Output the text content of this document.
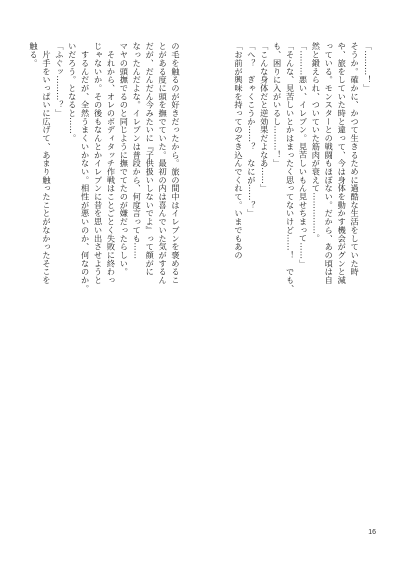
「………！」
そうか。確かに、かつて生きるために過酷な生活をしていた時
や、旅をしていた時と違って、今は身体を動かす機会がグンと減
っている。モンスターとの戦闘もほぼない。だから、あの頃は自
然と鍛えられ、ついていた筋肉が衰えて……………。
「………悪い、イレブン。見苦しいもん見せちまって……」
「そんな、見苦しいとかはまったく思ってないけど……！　でも、
も、困りに入がいるし………！」
「こんな身体だと逆効果だよなあ……」
「へ？　ぎゃくこうか……？　なにが……？」
「お前が興味を持ってのぞき込んでくれて。いまでもあの
の毛を触るのが好きだったから。旅の間中はイレブンを褒めるこ
とがある度に頭を撫でていた。最初の内は喜んでいた気がするん
だが、だんだん今みたいに『子供扱いしないでよ』って顔がに
なったんだよな。イレブンは普段から、何度言っても……
マヤの頭撫でるのと同じように撫でてたのが嫌だったらしい。
　それから、オレのボディタッチ作戦はことごとく失敗に終わっ
じゃないか。その後もなんとかイレブンに昔を思い出させようと
　するんだが、全然うまくいかない。相性が悪いのか、何なのか。
いだろう。となると……。
「ふぐッ………？」
　片手をいっぱいに広げて、あまり触ったことがなかったそこを
触る。
16
